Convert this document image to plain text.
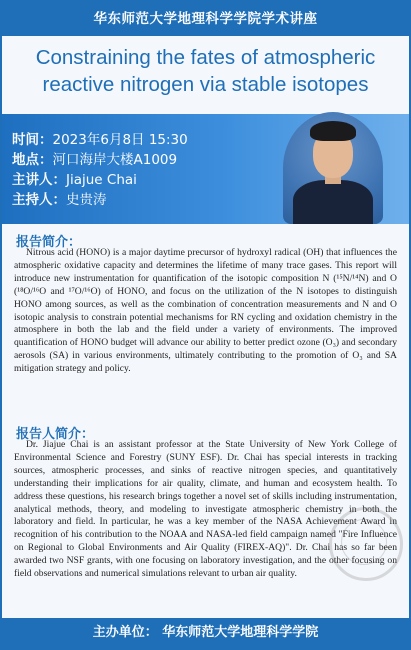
华东师范大学地理科学学院学术讲座
Constraining the fates of atmospheric reactive nitrogen via stable isotopes
时间：2023年6月8日 15:30
地点：河口海岸大楼A1009
主讲人：Jiajue Chai
主持人：史贵涛
报告简介：
Nitrous acid (HONO) is a major daytime precursor of hydroxyl radical (OH) that influences the atmospheric oxidative capacity and determines the lifetime of many trace gases. This report will introduce new instrumentation for quantification of the isotopic composition N (¹⁵N/¹⁴N) and O (¹⁸O/¹⁶O and ¹⁷O/¹⁶O) of HONO, and focus on the utilization of the N isotopes to distinguish HONO among sources, as well as the combination of concentration measurements and N and O isotopic analysis to constrain potential mechanisms for RN cycling and oxidation chemistry in the atmosphere in both the lab and the field under a variety of environments. The improved quantification of HONO budget will advance our ability to better predict ozone (O₃) and secondary aerosols (SA) in various environments, ultimately contributing to the promotion of O₃ and SA mitigation strategy and policy.
报告人简介：
Dr. Jiajue Chai is an assistant professor at the State University of New York College of Environmental Science and Forestry (SUNY ESF). Dr. Chai has special interests in tracking sources, atmospheric processes, and sinks of reactive nitrogen species, and quantitatively understanding their implications for air quality, climate, and human and ecosystem health. To address these questions, his research brings together a novel set of skills including instrumentation, analytical methods, theory, and modeling to investigate atmospheric chemistry in both the laboratory and field. In particular, he was a key member of the NASA Achievement Award in recognition of his contribution to the NOAA and NASA-led field campaign named "Fire Influence on Regional to Global Environments and Air Quality (FIREX-AQ)". Dr. Chai has so far been awarded two NSF grants, with one focusing on laboratory investigation, and the other focusing on field observations and numerical simulations relevant to urban air quality.
主办单位： 华东师范大学地理科学学院
